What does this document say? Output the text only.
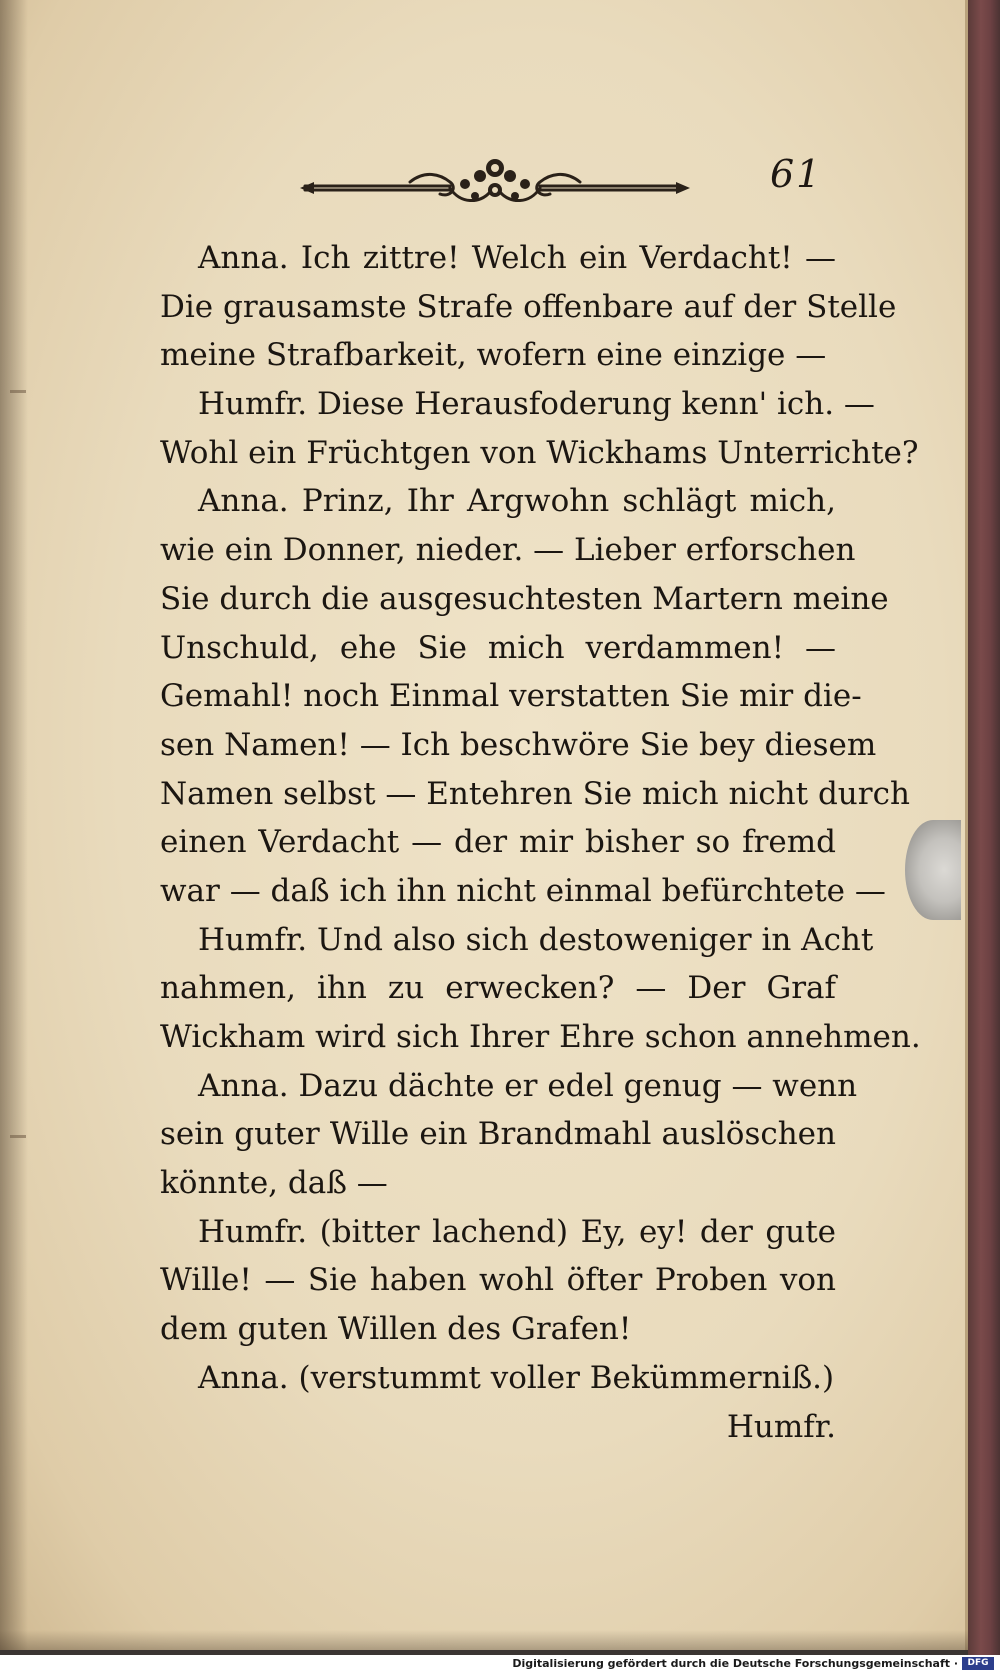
61
Anna. Ich zittre! Welch ein Verdacht! —
Die grausamste Strafe offenbare auf der Stelle
meine Strafbarkeit, wofern eine einzige —
Humfr. Diese Herausfoderung kenn' ich. —
Wohl ein Früchtgen von Wickhams Unterrichte?
Anna. Prinz, Ihr Argwohn schlägt mich,
wie ein Donner, nieder. — Lieber erforschen
Sie durch die ausgesuchtesten Martern meine
Unschuld, ehe Sie mich verdammen! —
Gemahl! noch Einmal verstatten Sie mir die-
sen Namen! — Ich beschwöre Sie bey diesem
Namen selbst — Entehren Sie mich nicht durch
einen Verdacht — der mir bisher so fremd
war — daß ich ihn nicht einmal befürchtete —
Humfr. Und also sich destoweniger in Acht
nahmen, ihn zu erwecken? — Der Graf
Wickham wird sich Ihrer Ehre schon annehmen.
Anna. Dazu dächte er edel genug — wenn
sein guter Wille ein Brandmahl auslöschen
könnte, daß —
Humfr. (bitter lachend) Ey, ey! der gute
Wille! — Sie haben wohl öfter Proben von
dem guten Willen des Grafen!
Anna. (verstummt voller Bekümmerniß.)
Humfr.
Digitalisierung gefördert durch die Deutsche Forschungsgemeinschaft ·	DFG
